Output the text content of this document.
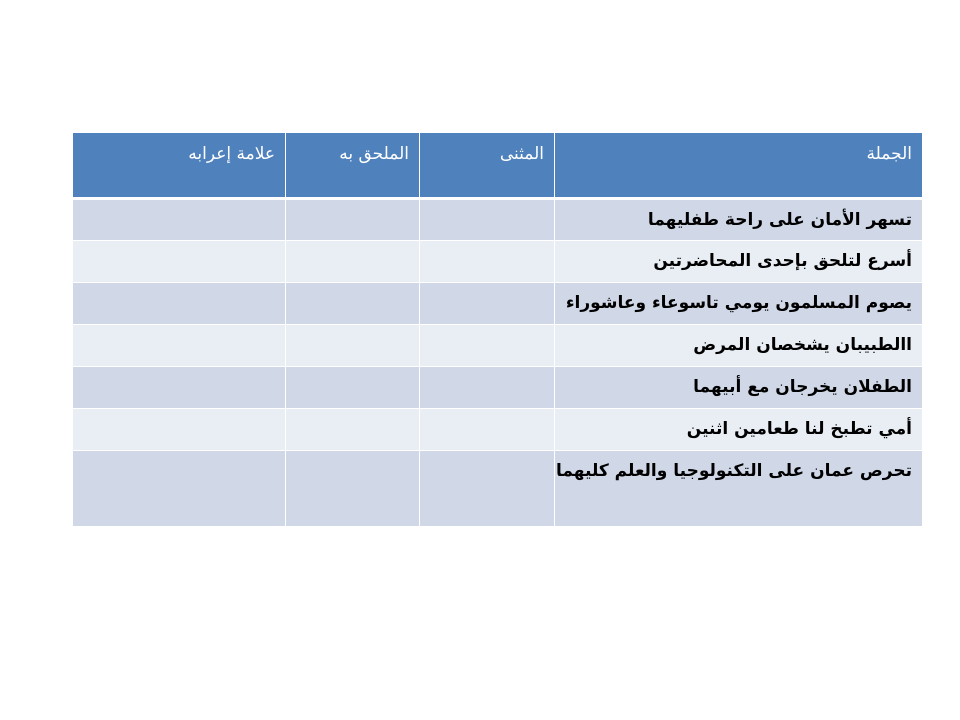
الجملة	المثنى	الملحق به	علامة إعرابه
تسهر الأمان على راحة طفليهما			
أسرع لتلحق بإحدى المحاضرتين			
يصوم المسلمون يومي تاسوعاء وعاشوراء			
االطبيبان يشخصان المرض			
الطفلان يخرجان مع أبيهما			
أمي تطبخ لنا طعامين اثنين			
تحرص عمان على التكنولوجيا والعلم كليهما			
